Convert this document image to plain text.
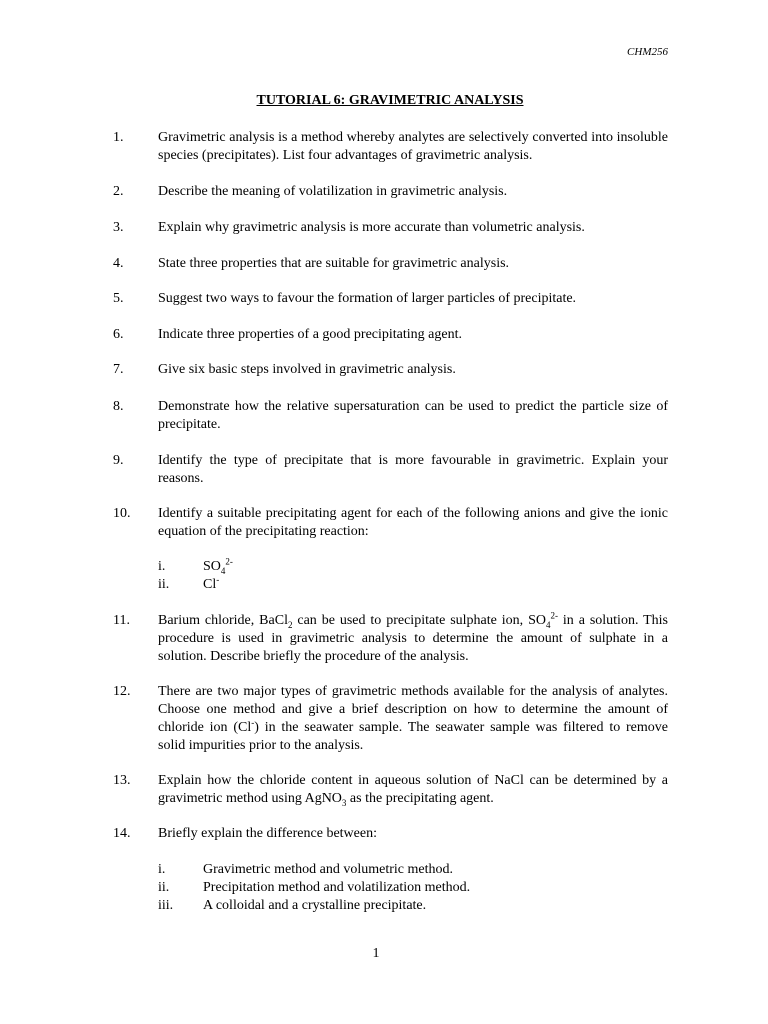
CHM256
TUTORIAL 6: GRAVIMETRIC ANALYSIS
1. Gravimetric analysis is a method whereby analytes are selectively converted into insoluble species (precipitates). List four advantages of gravimetric analysis.
2. Describe the meaning of volatilization in gravimetric analysis.
3. Explain why gravimetric analysis is more accurate than volumetric analysis.
4. State three properties that are suitable for gravimetric analysis.
5. Suggest two ways to favour the formation of larger particles of precipitate.
6. Indicate three properties of a good precipitating agent.
7. Give six basic steps involved in gravimetric analysis.
8. Demonstrate how the relative supersaturation can be used to predict the particle size of precipitate.
9. Identify the type of precipitate that is more favourable in gravimetric. Explain your reasons.
10. Identify a suitable precipitating agent for each of the following anions and give the ionic equation of the precipitating reaction:
i.	$SO_4^{2-}$
ii. Cl-
11. Barium chloride, BaCl$_2$ can be used to precipitate sulphate ion, $SO_4^{2-}$ in a solution. This procedure is used in gravimetric analysis to determine the amount of sulphate in a solution. Describe briefly the procedure of the analysis.
12. There are two major types of gravimetric methods available for the analysis of analytes. Choose one method and give a brief description on how to determine the amount of chloride ion (Cl-) in the seawater sample. The seawater sample was filtered to remove solid impurities prior to the analysis.
13. Explain how the chloride content in aqueous solution of NaCl can be determined by a gravimetric method using AgNO$_3$ as the precipitating agent.
14. Briefly explain the difference between:
i.	Gravimetric method and volumetric method.
ii. Precipitation method and volatilization method.
iii. A colloidal and a crystalline precipitate.
1
